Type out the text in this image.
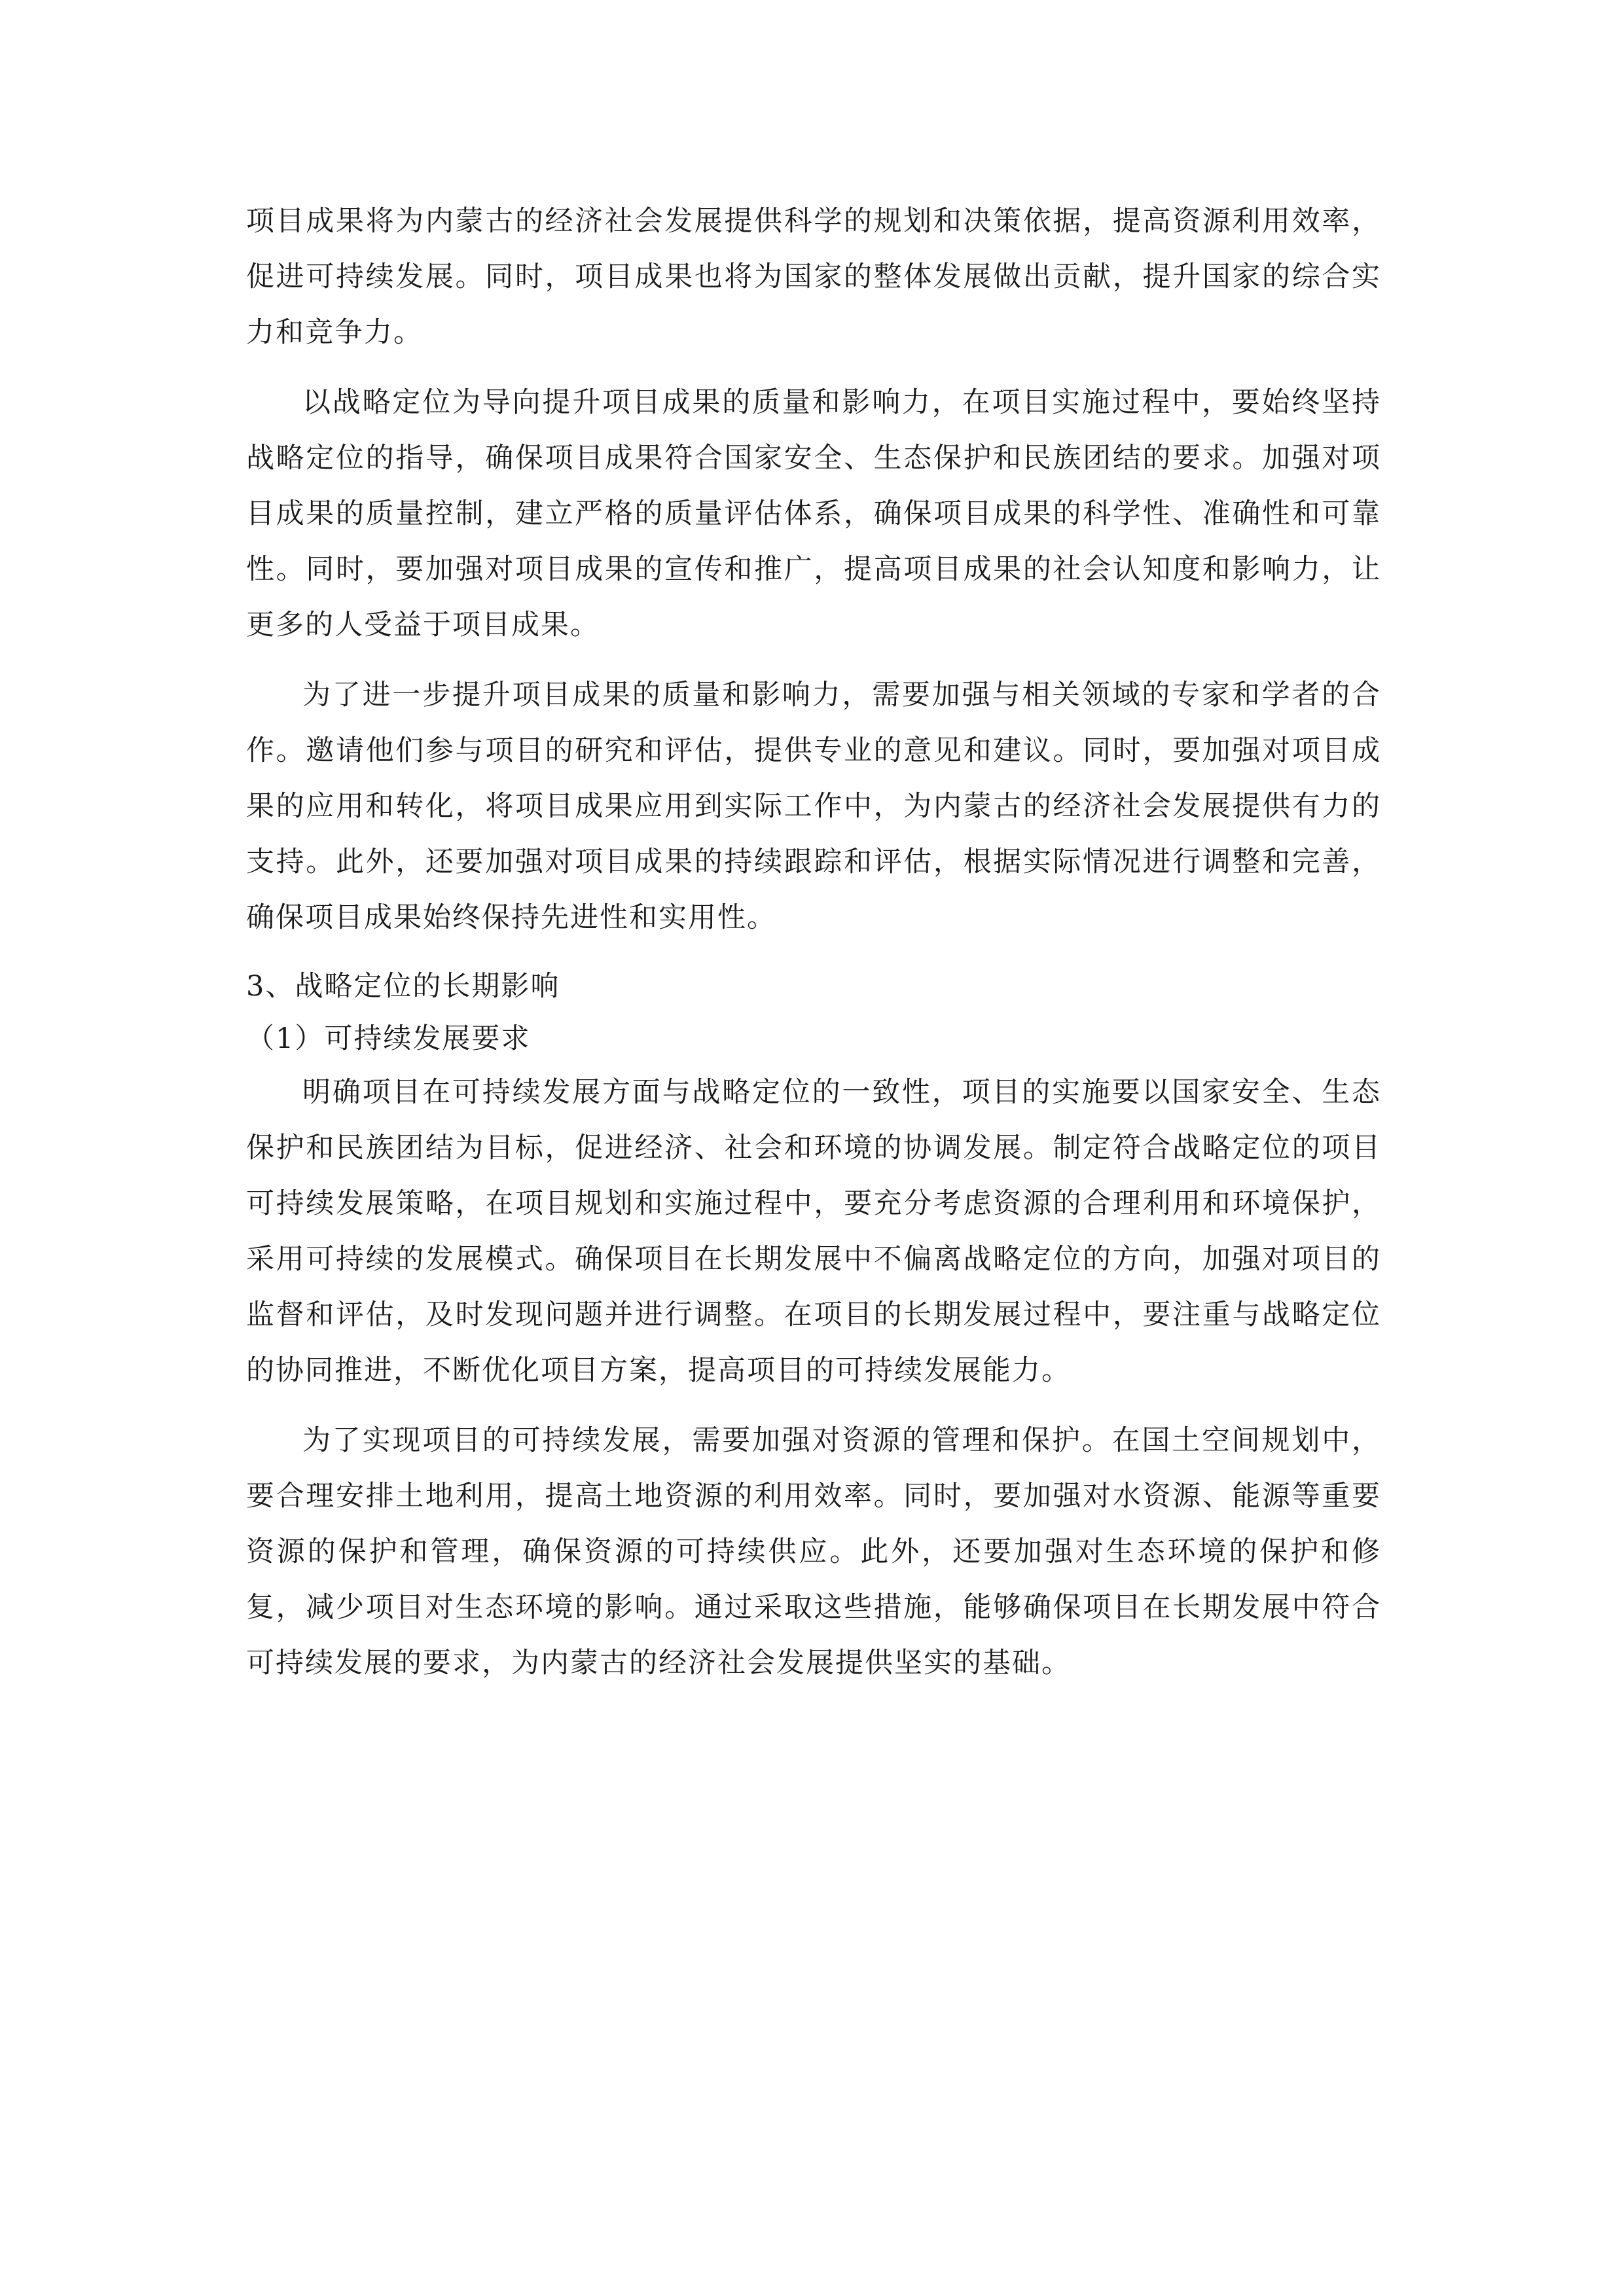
项目成果将为内蒙古的经济社会发展提供科学的规划和决策依据，提高资源利用效率，促进可持续发展。同时，项目成果也将为国家的整体发展做出贡献，提升国家的综合实力和竞争力。

以战略定位为导向提升项目成果的质量和影响力，在项目实施过程中，要始终坚持战略定位的指导，确保项目成果符合国家安全、生态保护和民族团结的要求。加强对项目成果的质量控制，建立严格的质量评估体系，确保项目成果的科学性、准确性和可靠性。同时，要加强对项目成果的宣传和推广，提高项目成果的社会认知度和影响力，让更多的人受益于项目成果。

为了进一步提升项目成果的质量和影响力，需要加强与相关领域的专家和学者的合作。邀请他们参与项目的研究和评估，提供专业的意见和建议。同时，要加强对项目成果的应用和转化，将项目成果应用到实际工作中，为内蒙古的经济社会发展提供有力的支持。此外，还要加强对项目成果的持续跟踪和评估，根据实际情况进行调整和完善，确保项目成果始终保持先进性和实用性。

3、战略定位的长期影响

（1）可持续发展要求

明确项目在可持续发展方面与战略定位的一致性，项目的实施要以国家安全、生态保护和民族团结为目标，促进经济、社会和环境的协调发展。制定符合战略定位的项目可持续发展策略，在项目规划和实施过程中，要充分考虑资源的合理利用和环境保护，采用可持续的发展模式。确保项目在长期发展中不偏离战略定位的方向，加强对项目的监督和评估，及时发现问题并进行调整。在项目的长期发展过程中，要注重与战略定位的协同推进，不断优化项目方案，提高项目的可持续发展能力。

为了实现项目的可持续发展，需要加强对资源的管理和保护。在国土空间规划中，要合理安排土地利用，提高土地资源的利用效率。同时，要加强对水资源、能源等重要资源的保护和管理，确保资源的可持续供应。此外，还要加强对生态环境的保护和修复，减少项目对生态环境的影响。通过采取这些措施，能够确保项目在长期发展中符合可持续发展的要求，为内蒙古的经济社会发展提供坚实的基础。
